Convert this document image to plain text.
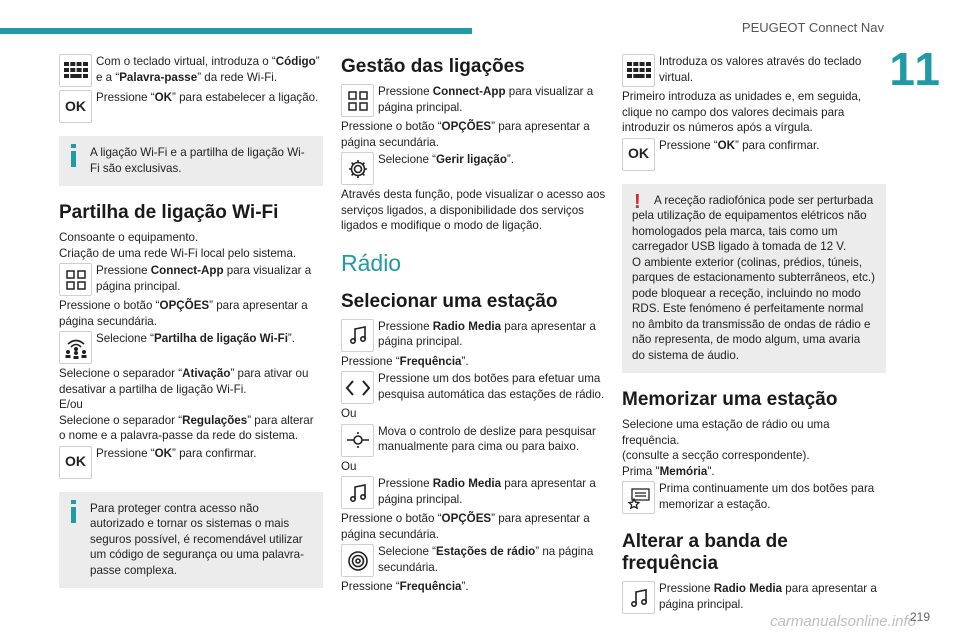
PEUGEOT Connect Nav
11
Com o teclado virtual, introduza o “Código” e a “Palavra-passe” da rede Wi-Fi.
OK
Pressione “OK” para estabelecer a ligação.
A ligação Wi-Fi e a partilha de ligação Wi-Fi são exclusivas.
Partilha de ligação Wi-Fi

Consoante o equipamento.

Criação de uma rede Wi-Fi local pelo sistema.

Pressione Connect-App para visualizar a página principal.

Pressione o botão “OPÇÕES” para apresentar a página secundária.

Selecione “Partilha de ligação Wi-Fi”.

Selecione o separador “Ativação” para ativar ou desativar a partilha de ligação Wi-Fi.

E/ou

Selecione o separador “Regulações” para alterar o nome e a palavra-passe da rede do sistema.

OK
Pressione “OK” para confirmar.
Para proteger contra acesso não autorizado e tornar os sistemas o mais seguros possível, é recomendável utilizar um código de segurança ou uma palavra-passe complexa.
Gestão das ligações
Pressione Connect-App para visualizar a página principal.

Pressione o botão “OPÇÕES” para apresentar a página secundária.

Selecione “Gerir ligação”.

Através desta função, pode visualizar o acesso aos serviços ligados, a disponibilidade dos serviços ligados e modifique o modo de ligação.

Rádio
Selecionar uma estação
Pressione Radio Media para apresentar a página principal.

Pressione “Frequência”.

Pressione um dos botões para efetuar uma pesquisa automática das estações de rádio.

Ou

Mova o controlo de deslize para pesquisar manualmente para cima ou para baixo.

Ou

Pressione Radio Media para apresentar a página principal.

Pressione o botão “OPÇÕES” para apresentar a página secundária.

Selecione “Estações de rádio” na página secundária.

Pressione “Frequência”.

Introduza os valores através do teclado virtual.

Primeiro introduza as unidades e, em seguida, clique no campo dos valores decimais para introduzir os números após a vírgula.

OK
Pressione “OK” para confirmar.
!	A receção radiofónica pode ser perturbada pela utilização de equipamentos elétricos não homologados pela marca, tais como um carregador USB ligado à tomada de 12 V.

O ambiente exterior (colinas, prédios, túneis, parques de estacionamento subterrâneos, etc.) pode bloquear a receção, incluindo no modo RDS. Este fenómeno é perfeitamente normal no âmbito da transmissão de ondas de rádio e não representa, de modo algum, uma avaria do sistema de áudio.

Memorizar uma estação

Selecione uma estação de rádio ou uma frequência.

(consulte a secção correspondente).

Prima "Memória".

Prima continuamente um dos botões para memorizar a estação.
Alterar a banda de frequência
Pressione Radio Media para apresentar a página principal.
carmanualsonline.info
219
